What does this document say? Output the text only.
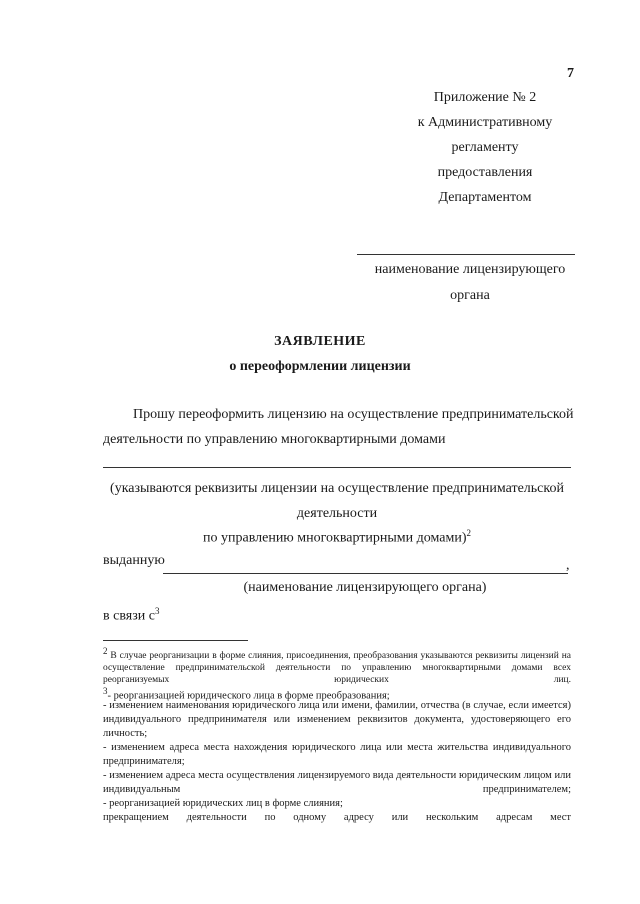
7
Приложение № 2
к Административному
регламенту
предоставления
Департаментом
наименование лицензирующего
органа
ЗАЯВЛЕНИЕ
о переоформлении лицензии
Прошу переоформить лицензию на осуществление предпринимательской
деятельности по управлению многоквартирными домами
(указываются реквизиты лицензии на осуществление предпринимательской
деятельности
по управлению многоквартирными домами)$^2$
выданную	,
(наименование лицензирующего органа)
в связи $с^3$
$^2$ В случае реорганизации в форме слияния, присоединения, преобразования указываются реквизиты лицензий на осуществление предпринимательской деятельности по управлению многоквартирными домами всех реорганизуемых юридических лиц.
$^3$- реорганизацией юридического лица в форме преобразования;
- изменением наименования юридического лица или имени, фамилии, отчества (в случае, если имеется) индивидуального предпринимателя или изменением реквизитов документа, удостоверяющего его личность;
- изменением адреса места нахождения юридического лица или места жительства индивидуального предпринимателя;
- изменением адреса места осуществления лицензируемого вида деятельности юридическим лицом или индивидуальным предпринимателем;
- реорганизацией юридических лиц в форме слияния;
прекращением деятельности по одному адресу или нескольким адресам мест
